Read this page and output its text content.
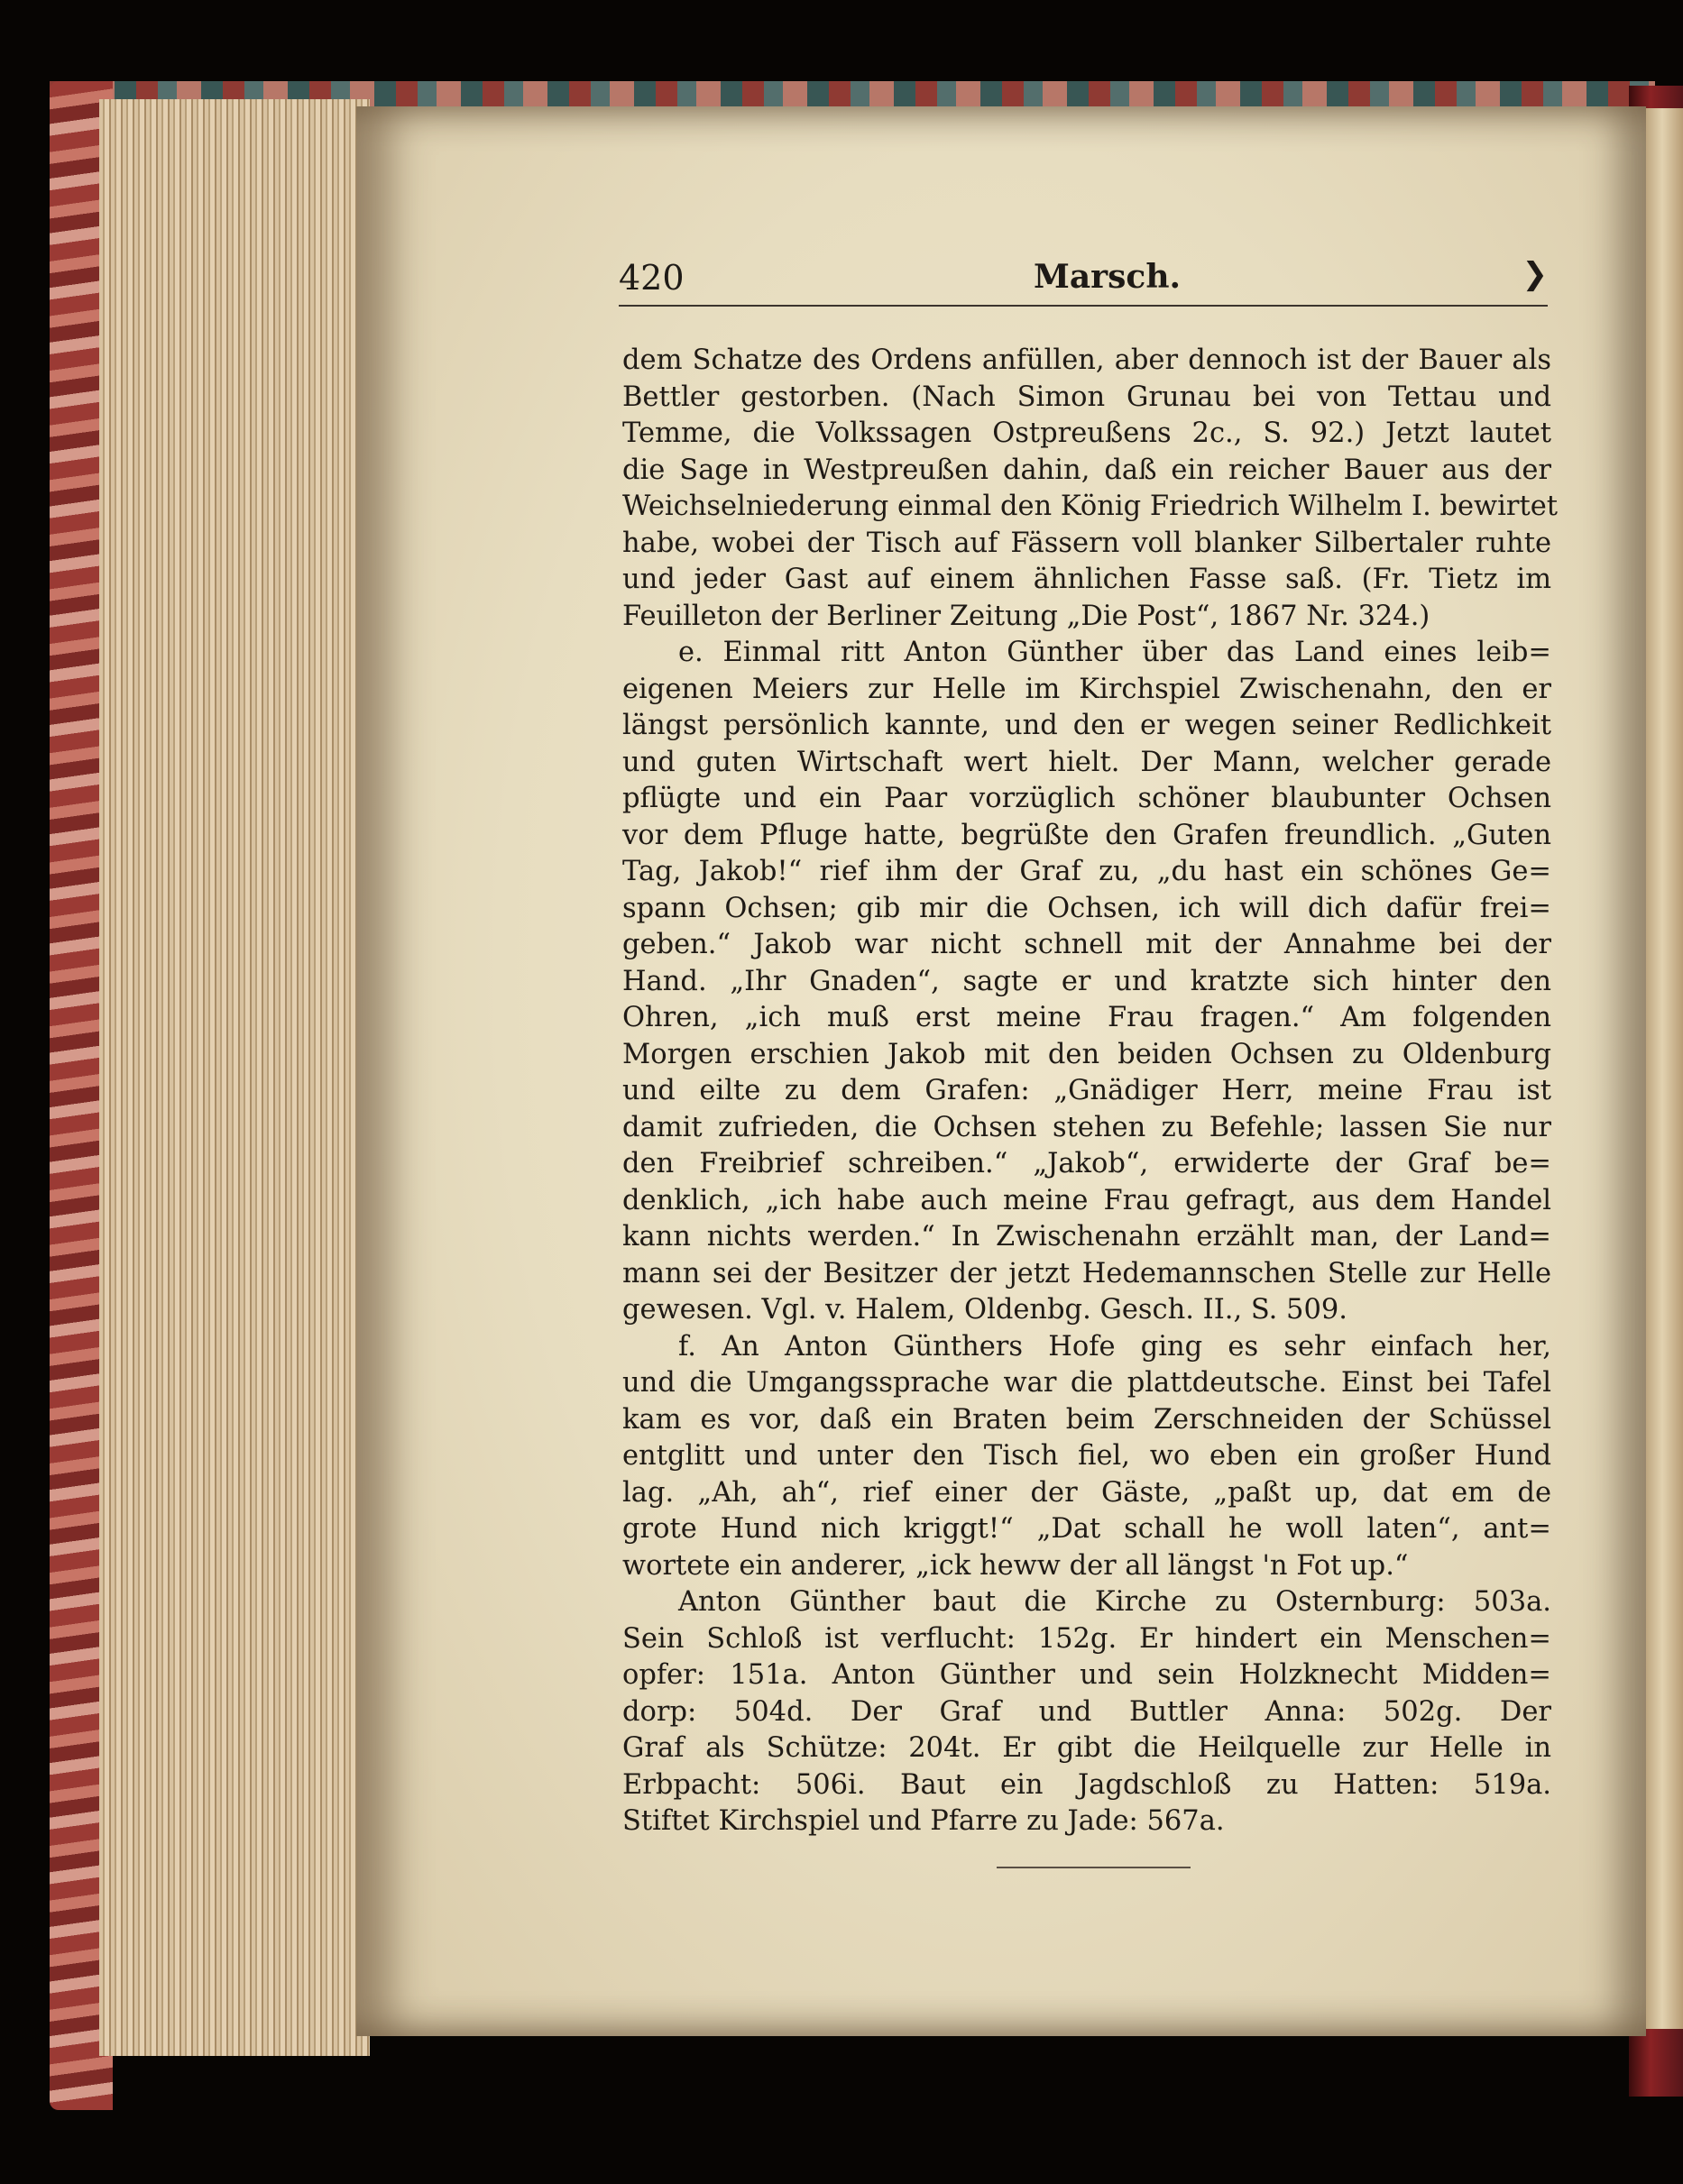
420	Marsch.	❯
dem Schatze des Ordens anfüllen, aber dennoch ist der Bauer als
Bettler gestorben. (Nach Simon Grunau bei von Tettau und
Temme, die Volkssagen Ostpreußens 2c., S. 92.) Jetzt lautet
die Sage in Westpreußen dahin, daß ein reicher Bauer aus der
Weichselniederung einmal den König Friedrich Wilhelm I. bewirtet
habe, wobei der Tisch auf Fässern voll blanker Silbertaler ruhte
und jeder Gast auf einem ähnlichen Fasse saß. (Fr. Tietz im
Feuilleton der Berliner Zeitung „Die Post“, 1867 Nr. 324.)
e. Einmal ritt Anton Günther über das Land eines leib=
eigenen Meiers zur Helle im Kirchspiel Zwischenahn, den er
längst persönlich kannte, und den er wegen seiner Redlichkeit
und guten Wirtschaft wert hielt. Der Mann, welcher gerade
pflügte und ein Paar vorzüglich schöner blaubunter Ochsen
vor dem Pfluge hatte, begrüßte den Grafen freundlich. „Guten
Tag, Jakob!“ rief ihm der Graf zu, „du hast ein schönes Ge=
spann Ochsen; gib mir die Ochsen, ich will dich dafür frei=
geben.“ Jakob war nicht schnell mit der Annahme bei der
Hand. „Ihr Gnaden“, sagte er und kratzte sich hinter den
Ohren, „ich muß erst meine Frau fragen.“ Am folgenden
Morgen erschien Jakob mit den beiden Ochsen zu Oldenburg
und eilte zu dem Grafen: „Gnädiger Herr, meine Frau ist
damit zufrieden, die Ochsen stehen zu Befehle; lassen Sie nur
den Freibrief schreiben.“ „Jakob“, erwiderte der Graf be=
denklich, „ich habe auch meine Frau gefragt, aus dem Handel
kann nichts werden.“ In Zwischenahn erzählt man, der Land=
mann sei der Besitzer der jetzt Hedemannschen Stelle zur Helle
gewesen. Vgl. v. Halem, Oldenbg. Gesch. II., S. 509.
f. An Anton Günthers Hofe ging es sehr einfach her,
und die Umgangssprache war die plattdeutsche. Einst bei Tafel
kam es vor, daß ein Braten beim Zerschneiden der Schüssel
entglitt und unter den Tisch fiel, wo eben ein großer Hund
lag. „Ah, ah“, rief einer der Gäste, „paßt up, dat em de
grote Hund nich kriggt!“ „Dat schall he woll laten“, ant=
wortete ein anderer, „ick heww der all längst 'n Fot up.“
Anton Günther baut die Kirche zu Osternburg: 503a.
Sein Schloß ist verflucht: 152g. Er hindert ein Menschen=
opfer: 151a. Anton Günther und sein Holzknecht Midden=
dorp: 504d. Der Graf und Buttler Anna: 502g. Der
Graf als Schütze: 204t. Er gibt die Heilquelle zur Helle in
Erbpacht: 506i. Baut ein Jagdschloß zu Hatten: 519a.
Stiftet Kirchspiel und Pfarre zu Jade: 567a.
